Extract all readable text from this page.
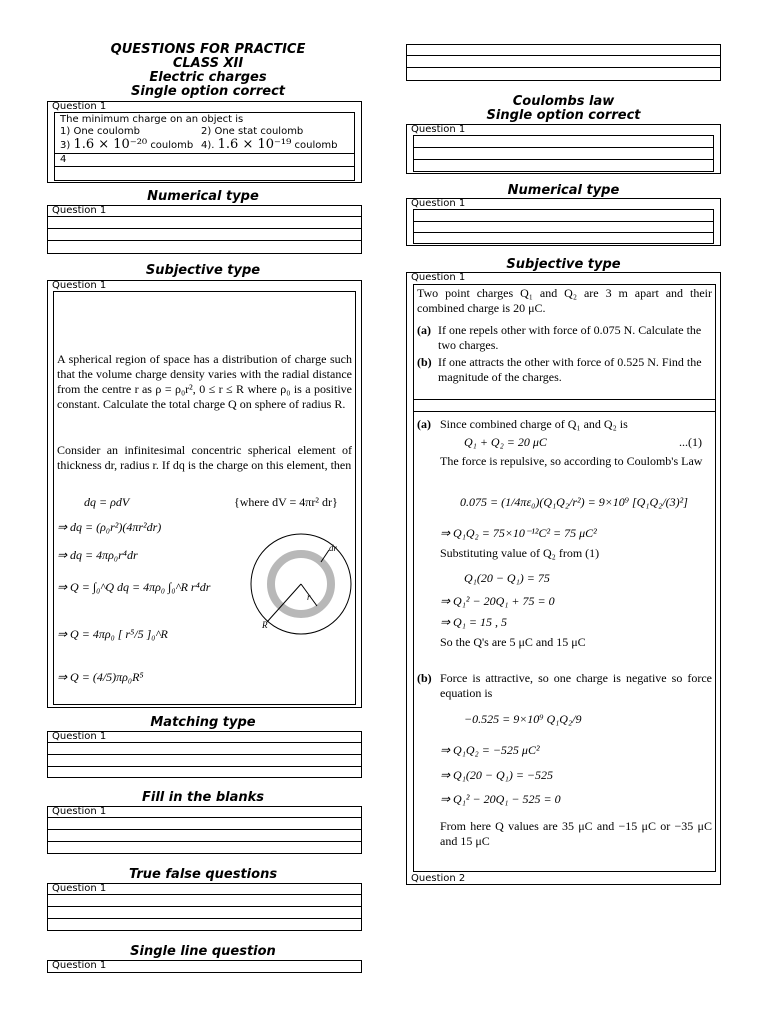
QUESTIONS FOR PRACTICE
CLASS XII
Electric charges
Single option correct
Question 1
The minimum charge on an object is
1) One coulomb	2) One stat coulomb
3) 1.6 × 10⁻²⁰ coulomb 4). 1.6 × 10⁻¹⁹ coulomb
4
Numerical type
Question 1
Subjective type
Question 1
A spherical region of space has a distribution of charge such that the volume charge density varies with the radial distance from the centre r as ρ = ρ₀r², 0 ≤ r ≤ R where ρ₀ is a positive constant. Calculate the total charge Q on sphere of radius R.
Consider an infinitesimal concentric spherical element of thickness dr, radius r. If dq is the charge on this element, then
dq = ρdV	{where dV = 4πr² dr}
⇒ dq = (ρ₀r²)(4πr²dr)
⇒ dq = 4πρ₀r⁴dr
⇒ Q = ∫₀^Q dq = 4πρ₀ ∫₀^R r⁴dr
⇒ Q = 4πρ₀ [ r⁵/5 ]₀^R
⇒ Q = (4/5)πρ₀R⁵
dr
r
R
Matching type
Question 1
Fill in the blanks
Question 1
True false questions
Question 1
Single line question
Question 1
Coulombs law
Single option correct
Question 1
Numerical type
Question 1
Subjective type
Question 1
Two point charges Q₁ and Q₂ are 3 m apart and their combined charge is 20 μC.
(a) If one repels other with force of 0.075 N. Calculate the two charges.
(b) If one attracts the other with force of 0.525 N. Find the magnitude of the charges.
(a) Since combined charge of Q₁ and Q₂ is
Q₁ + Q₂ = 20 μC	...(1)
The force is repulsive, so according to Coulomb's Law
0.075 = (1/4πε₀)(Q₁Q₂/r²) = 9×10⁹ [Q₁Q₂/(3)²]
⇒ Q₁Q₂ = 75×10⁻¹²C² = 75 μC²
Substituting value of Q₂ from (1)
Q₁(20 − Q₁) = 75
⇒ Q₁² − 20Q₁ + 75 = 0
⇒ Q₁ = 15 , 5
So the Q's are 5 μC and 15 μC
(b) Force is attractive, so one charge is negative so force equation is
−0.525 = 9×10⁹ Q₁Q₂/9
⇒ Q₁Q₂ = −525 μC²
⇒ Q₁(20 − Q₁) = −525
⇒ Q₁² − 20Q₁ − 525 = 0
From here Q values are 35 μC and −15 μC or −35 μC and 15 μC
Question 2
